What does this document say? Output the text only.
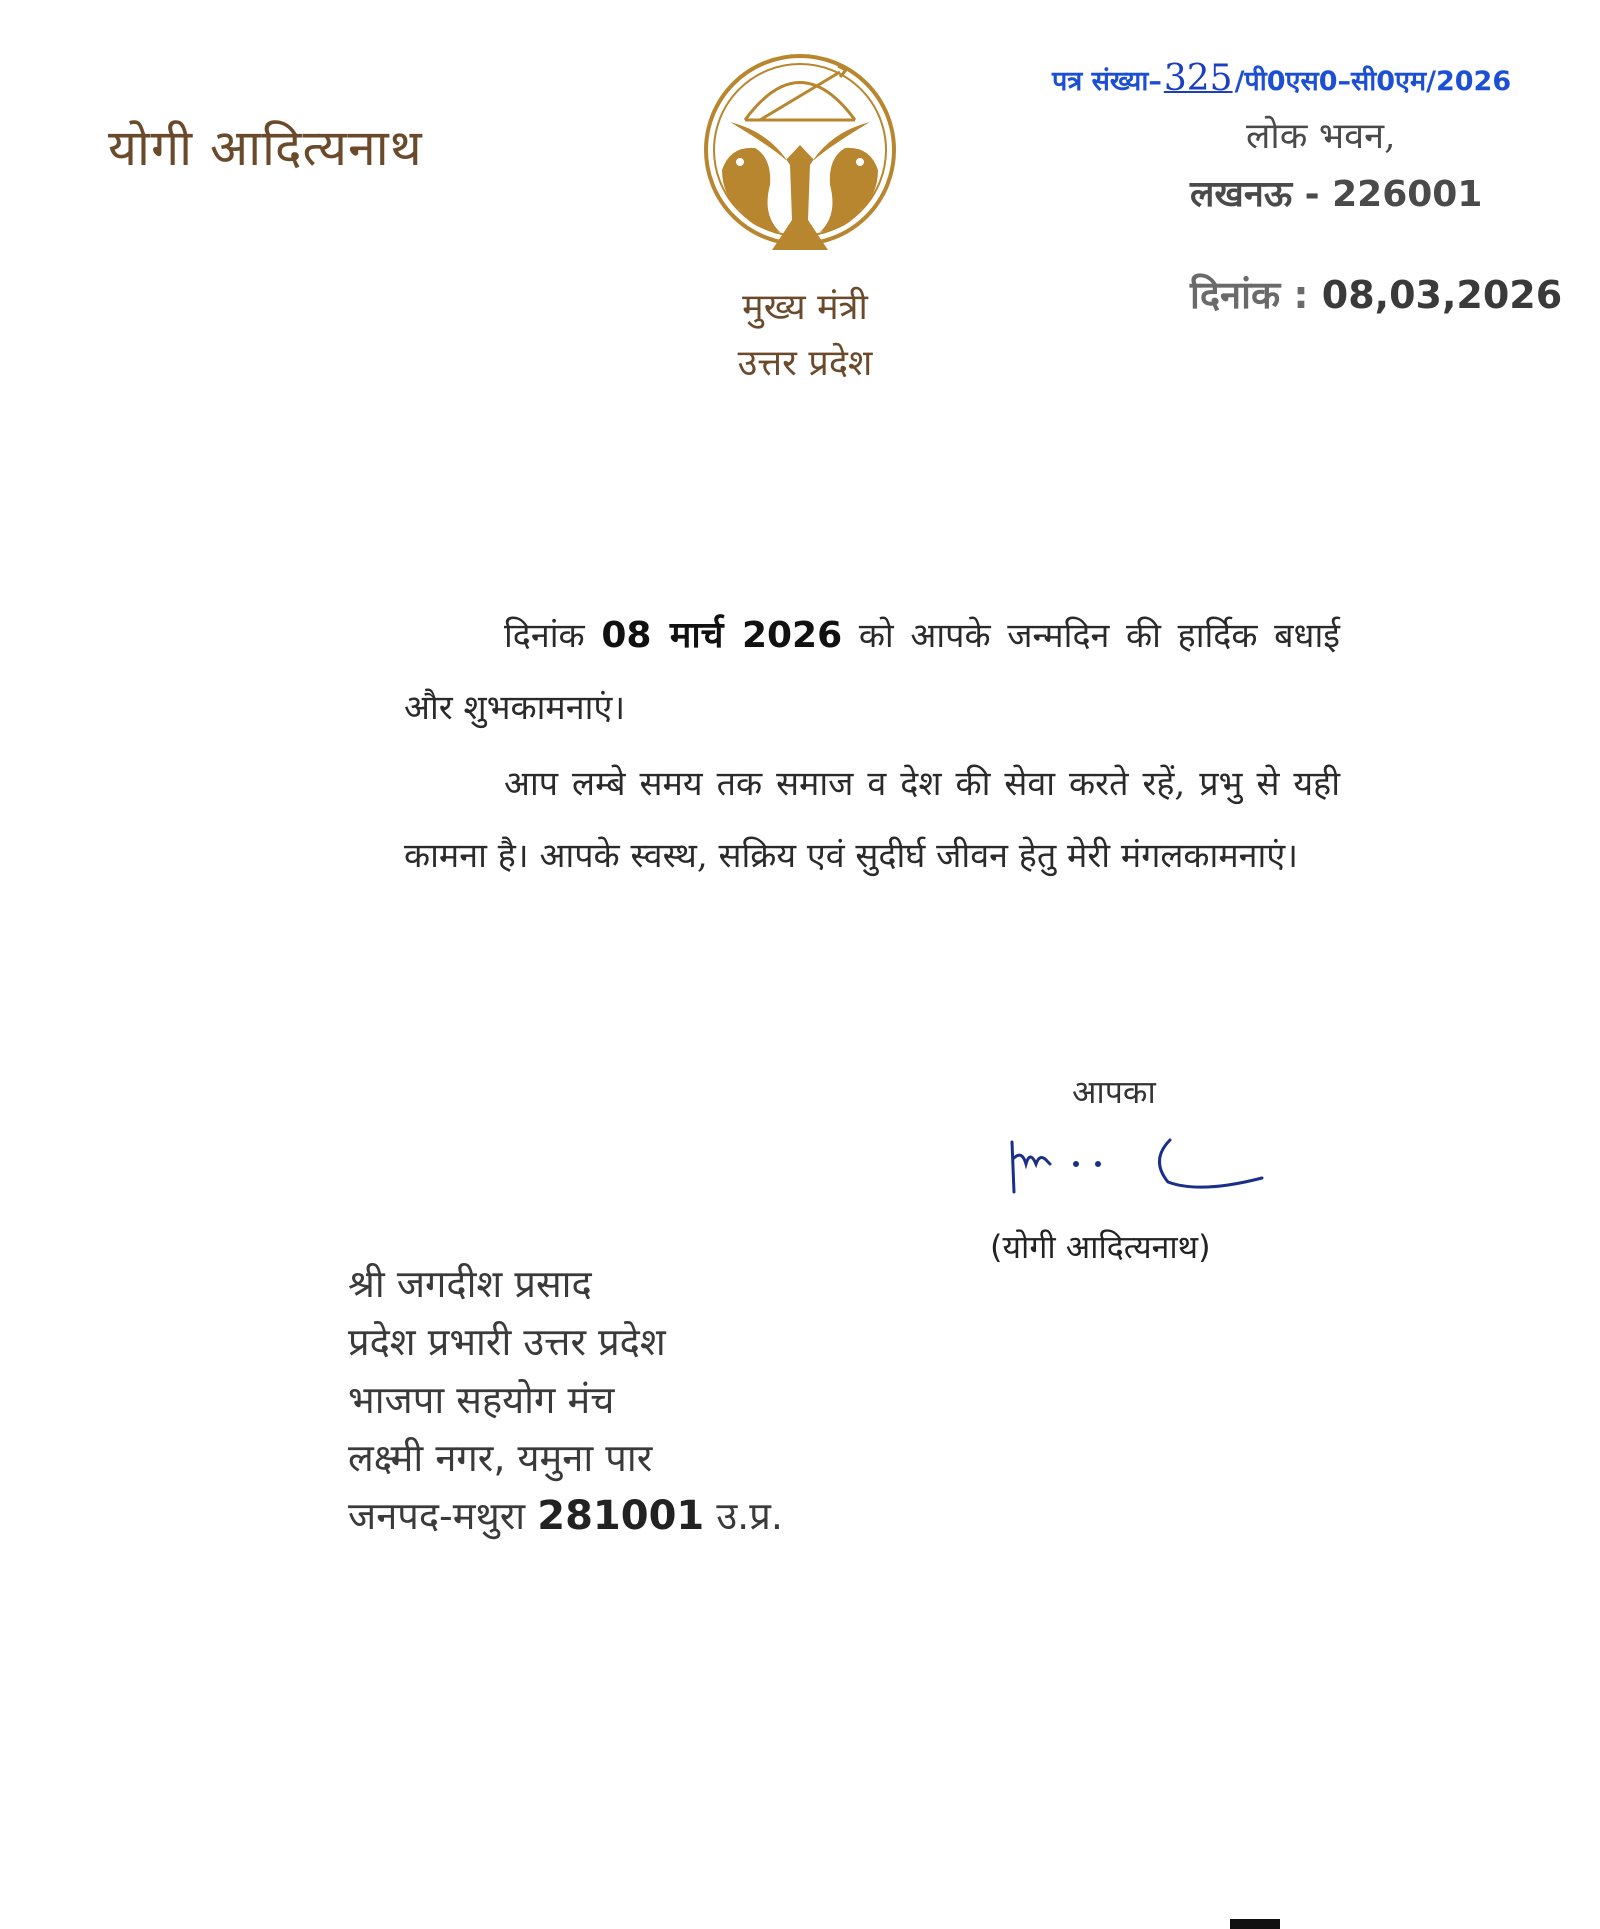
योगी आदित्यनाथ
मुख्य मंत्री
उत्तर प्रदेश
पत्र संख्या–325/पी0एस0–सी0एम/2026
लोक भवन,
लखनऊ - 226001
दिनांक : 08,03,2026

दिनांक 08 मार्च 2026 को आपके जन्मदिन की हार्दिक बधाई और शुभकामनाएं।

आप लम्बे समय तक समाज व देश की सेवा करते रहें, प्रभु से यही कामना है। आपके स्वस्थ, सक्रिय एवं सुदीर्घ जीवन हेतु मेरी मंगलकामनाएं।

आपका
(योगी आदित्यनाथ)
श्री जगदीश प्रसाद
प्रदेश प्रभारी उत्तर प्रदेश
भाजपा सहयोग मंच
लक्ष्मी नगर, यमुना पार
जनपद-मथुरा 281001 उ.प्र.
